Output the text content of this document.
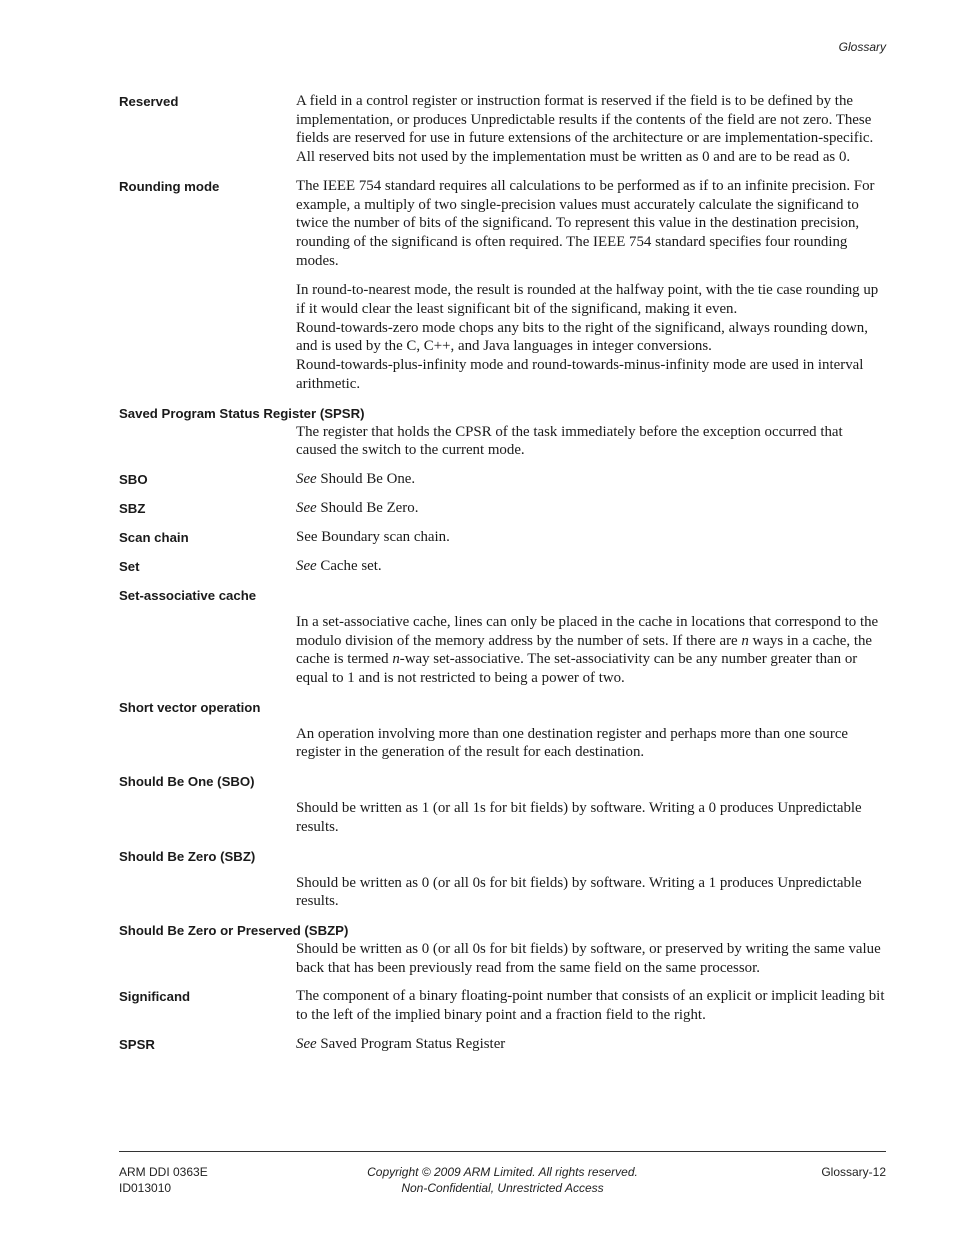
Glossary
Reserved	A field in a control register or instruction format is reserved if the field is to be defined by the implementation, or produces Unpredictable results if the contents of the field are not zero. These fields are reserved for use in future extensions of the architecture or are implementation-specific. All reserved bits not used by the implementation must be written as 0 and are to be read as 0.

Rounding mode	The IEEE 754 standard requires all calculations to be performed as if to an infinite precision. For example, a multiply of two single-precision values must accurately calculate the significand to twice the number of bits of the significand. To represent this value in the destination precision, rounding of the significand is often required. The IEEE 754 standard specifies four rounding modes.

In round-to-nearest mode, the result is rounded at the halfway point, with the tie case rounding up if it would clear the least significant bit of the significand, making it even.
Round-towards-zero mode chops any bits to the right of the significand, always rounding down, and is used by the C, C++, and Java languages in integer conversions.
Round-towards-plus-infinity mode and round-towards-minus-infinity mode are used in interval arithmetic.

Saved Program Status Register (SPSR)

The register that holds the CPSR of the task immediately before the exception occurred that caused the switch to the current mode.

SBO	See Should Be One.

SBZ	See Should Be Zero.

Scan chain	See Boundary scan chain.

Set	See Cache set.

Set-associative cache

In a set-associative cache, lines can only be placed in the cache in locations that correspond to the modulo division of the memory address by the number of sets. If there are n ways in a cache, the cache is termed n-way set-associative. The set-associativity can be any number greater than or equal to 1 and is not restricted to being a power of two.

Short vector operation

An operation involving more than one destination register and perhaps more than one source register in the generation of the result for each destination.

Should Be One (SBO)

Should be written as 1 (or all 1s for bit fields) by software. Writing a 0 produces Unpredictable results.

Should Be Zero (SBZ)

Should be written as 0 (or all 0s for bit fields) by software. Writing a 1 produces Unpredictable results.

Should Be Zero or Preserved (SBZP)

Should be written as 0 (or all 0s for bit fields) by software, or preserved by writing the same value back that has been previously read from the same field on the same processor.

Significand	The component of a binary floating-point number that consists of an explicit or implicit leading bit to the left of the implied binary point and a fraction field to the right.

SPSR	See Saved Program Status Register

ARM DDI 0363E
ID013010
Copyright © 2009 ARM Limited. All rights reserved.
Non-Confidential, Unrestricted Access
Glossary-12
